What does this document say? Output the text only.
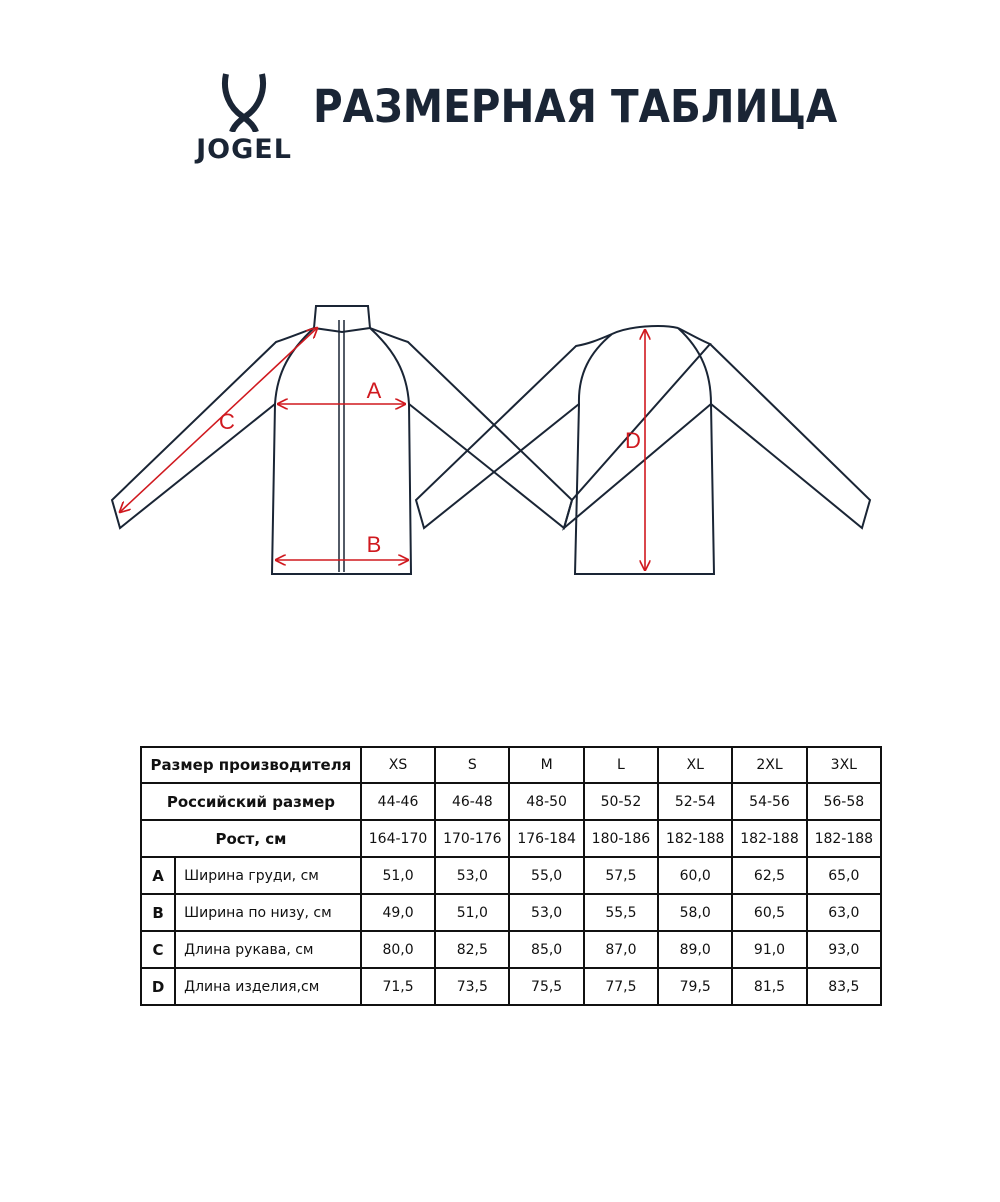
JOGEL
РАЗМЕРНАЯ ТАБЛИЦА
A
B
C
D
Размер производителя		XS	S	M	L	XL	2XL	3XL
Российский размер		44-46	46-48	48-50	50-52	52-54	54-56	56-58
Рост, см		164-170	170-176	176-184	180-186	182-188	182-188	182-188
A	Ширина груди, см	51,0	53,0	55,0	57,5	60,0	62,5	65,0
B	Ширина по низу, см	49,0	51,0	53,0	55,5	58,0	60,5	63,0
C	Длина рукава, см	80,0	82,5	85,0	87,0	89,0	91,0	93,0
D	Длина изделия,см	71,5	73,5	75,5	77,5	79,5	81,5	83,5
